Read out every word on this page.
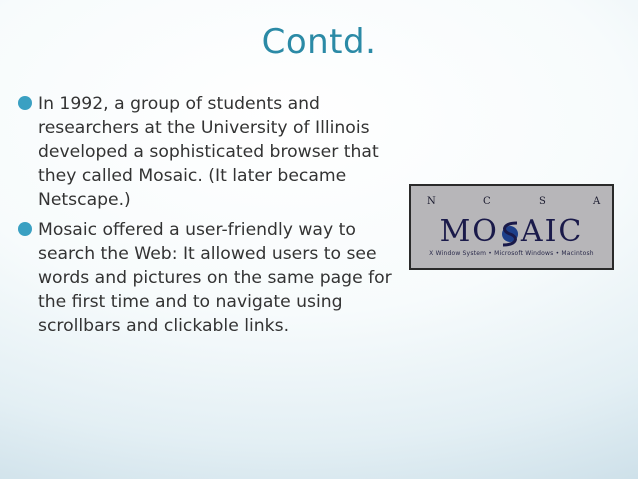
Contd.
In 1992, a group of students and researchers at the University of Illinois developed a sophisticated browser that they called Mosaic. (It later became Netscape.)
Mosaic offered a user-friendly way to search the Web: It allowed users to see words and pictures on the same page for the first time and to navigate using scrollbars and clickable links.
N	C	S	A
MO AIC
X Window System • Microsoft Windows • Macintosh
